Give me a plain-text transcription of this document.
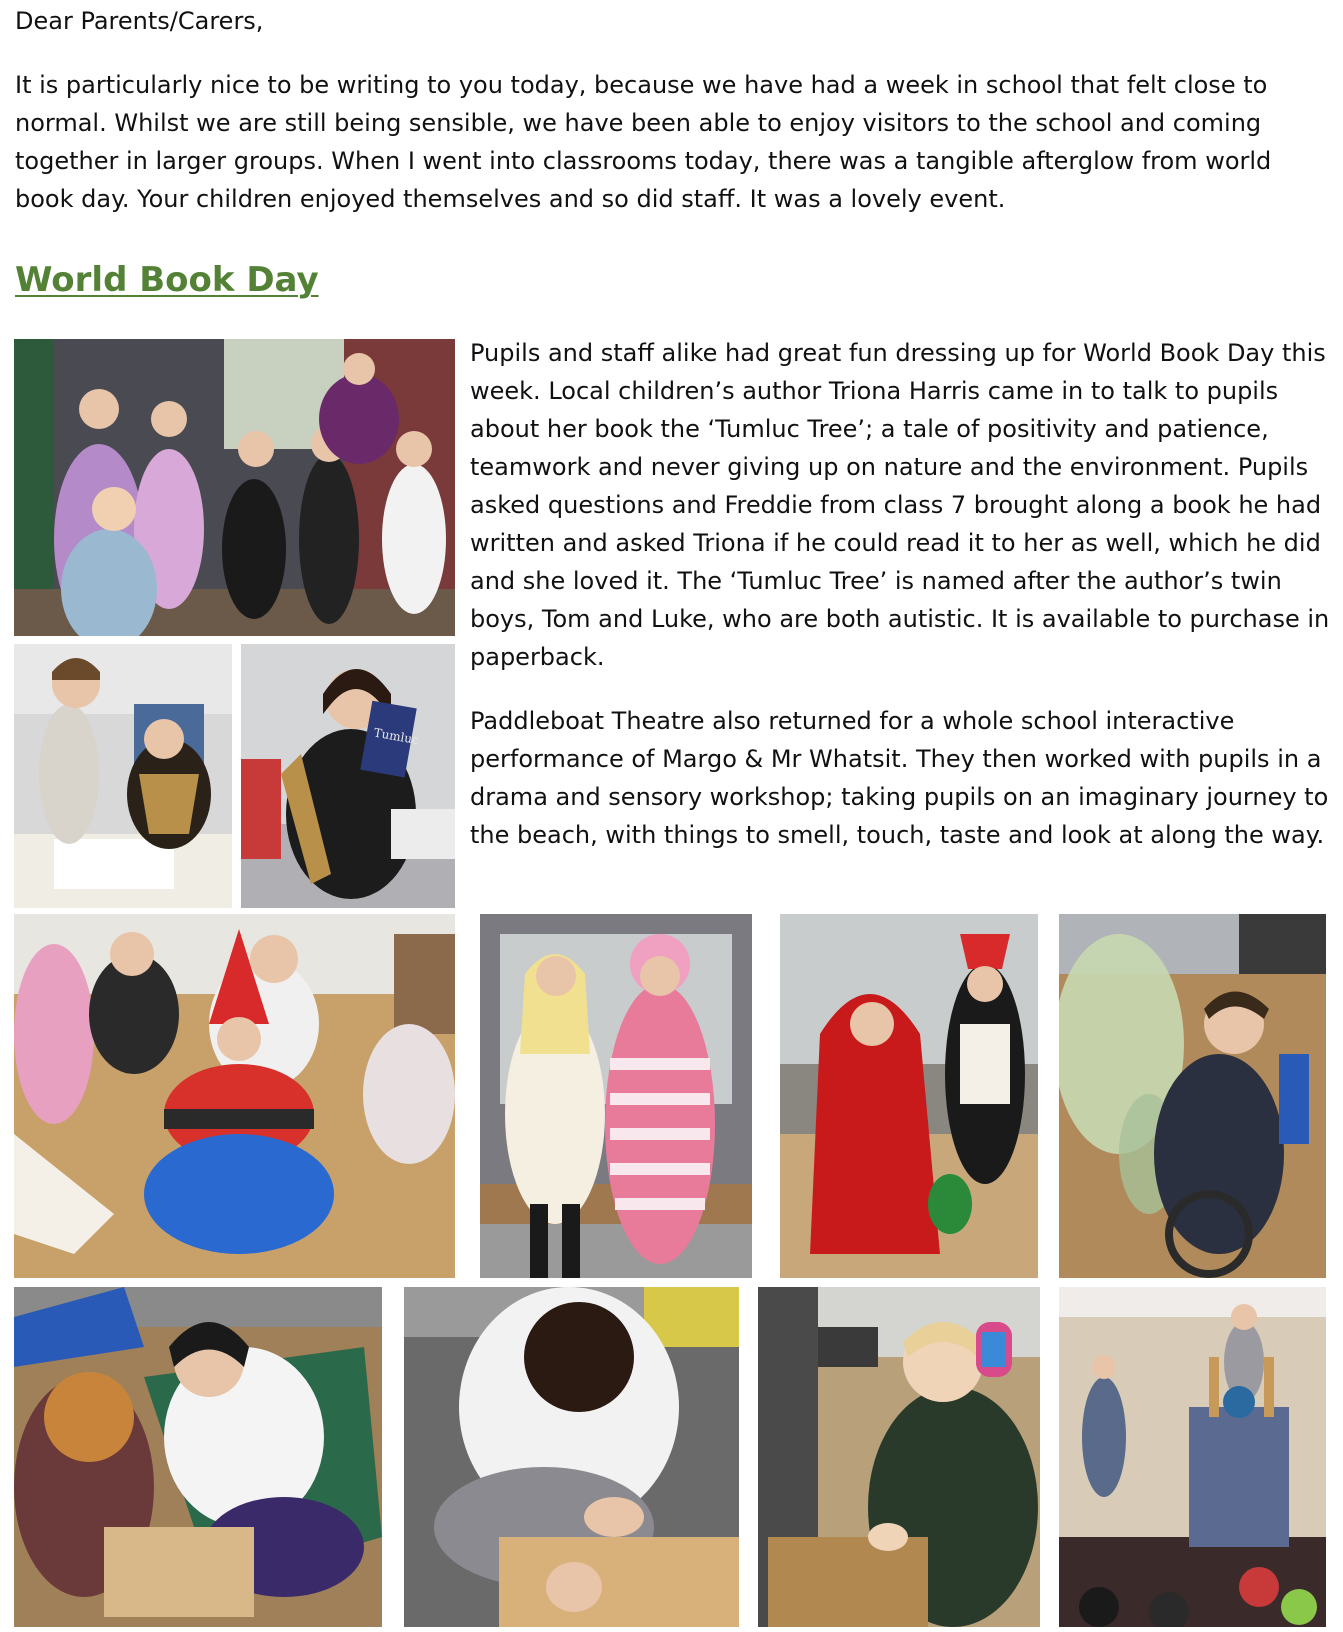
Dear Parents/Carers,
It is particularly nice to be writing to you today, because we have had a week in school that felt close to normal. Whilst we are still being sensible, we have been able to enjoy visitors to the school and coming together in larger groups. When I went into classrooms today, there was a tangible afterglow from world book day. Your children enjoyed themselves and so did staff. It was a lovely event.
World Book Day
Pupils and staff alike had great fun dressing up for World Book Day this week. Local children’s author Triona Harris came in to talk to pupils about her book the ‘Tumluc Tree’; a tale of positivity and patience, teamwork and never giving up on nature and the environment. Pupils asked questions and Freddie from class 7 brought along a book he had written and asked Triona if he could read it to her as well, which he did and she loved it. The ‘Tumluc Tree’ is named after the author’s twin boys, Tom and Luke, who are both autistic. It is available to purchase in paperback.
Paddleboat Theatre also returned for a whole school interactive performance of Margo & Mr Whatsit. They then worked with pupils in a drama and sensory workshop; taking pupils on an imaginary journey to the beach, with things to smell, touch, taste and look at along the way.
Tumluc
